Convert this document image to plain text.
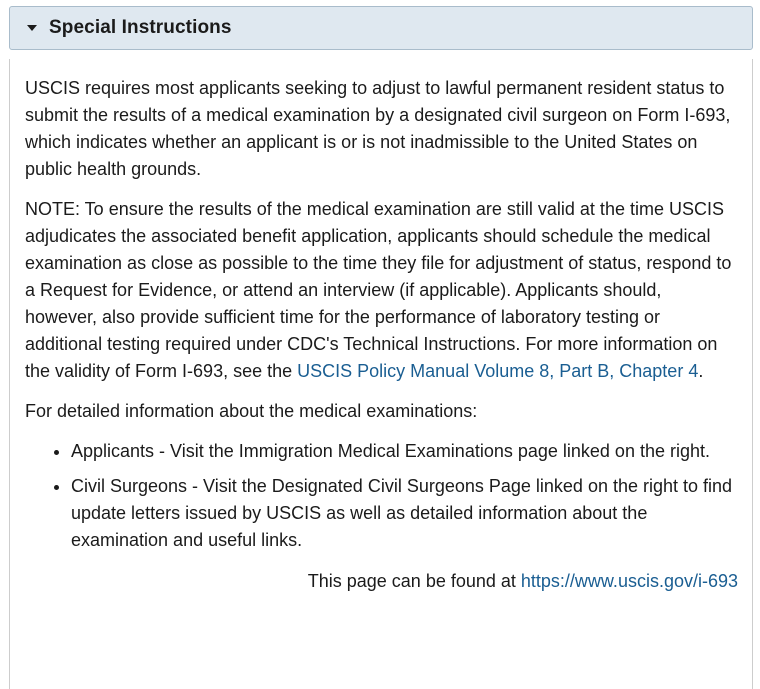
Special Instructions

USCIS requires most applicants seeking to adjust to lawful permanent resident status to submit the results of a medical examination by a designated civil surgeon on Form I-693, which indicates whether an applicant is or is not inadmissible to the United States on public health grounds.

NOTE: To ensure the results of the medical examination are still valid at the time USCIS adjudicates the associated benefit application, applicants should schedule the medical examination as close as possible to the time they file for adjustment of status, respond to a Request for Evidence, or attend an interview (if applicable). Applicants should, however, also provide sufficient time for the performance of laboratory testing or additional testing required under CDC's Technical Instructions. For more information on the validity of Form I-693, see the USCIS Policy Manual Volume 8, Part B, Chapter 4.

For detailed information about the medical examinations:

• Applicants - Visit the Immigration Medical Examinations page linked on the right.
• Civil Surgeons - Visit the Designated Civil Surgeons Page linked on the right to find update letters issued by USCIS as well as detailed information about the examination and useful links.

This page can be found at https://www.uscis.gov/i-693
